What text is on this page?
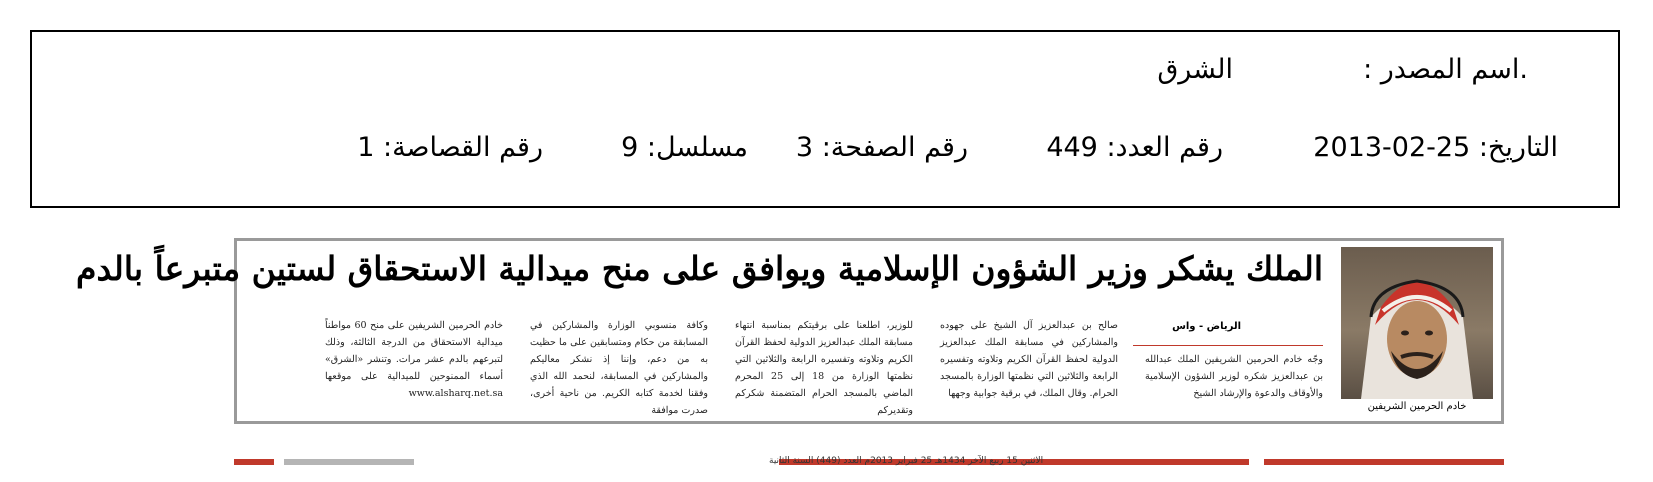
.اسم المصدر :
الشرق
التاريخ: 25-02-2013
رقم العدد: 449
رقم الصفحة: 3
مسلسل: 9
رقم القصاصة: 1
خادم الحرمين الشريفين
الملك يشكر وزير الشؤون الإسلامية ويوافق على منح ميدالية الاستحقاق لستين متبرعاً بالدم
الرياض - واس

وجّه خادم الحرمين الشريفين الملك عبدالله بن عبدالعزيز شكره لوزير الشؤون الإسلامية والأوقاف والدعوة والإرشاد الشيخ

صالح بن عبدالعزيز آل الشيخ على جهوده والمشاركين في مسابقة الملك عبدالعزيز الدولية لحفظ القرآن الكريم وتلاوته وتفسيره الرابعة والثلاثين التي نظمتها الوزارة بالمسجد الحرام. وقال الملك، في برقية جوابية وجهها

للوزير، اطلعنا على برقيتكم بمناسبة انتهاء مسابقة الملك عبدالعزيز الدولية لحفظ القرآن الكريم وتلاوته وتفسيره الرابعة والثلاثين التي نظمتها الوزارة من 18 إلى 25 المحرم الماضي بالمسجد الحرام المتضمنة شكركم وتقديركم

وكافة منسوبي الوزارة والمشاركين في المسابقة من حكام ومتسابقين على ما حظيت به من دعم، وإننا إذ نشكر معاليكم والمشاركين في المسابقة، لنحمد الله الذي وفقنا لخدمة كتابه الكريم. من ناحية أخرى، صدرت موافقة

خادم الحرمين الشريفين على منح 60 مواطناً ميدالية الاستحقاق من الدرجة الثالثة، وذلك لتبرعهم بالدم عشر مرات. وتنشر «الشرق» أسماء الممنوحين للميدالية على موقعها www.alsharq.net.sa

الاثنين 15 ربيع الآخر 1434هـ 25 فبراير 2013م العدد (449) السنة الثانية
